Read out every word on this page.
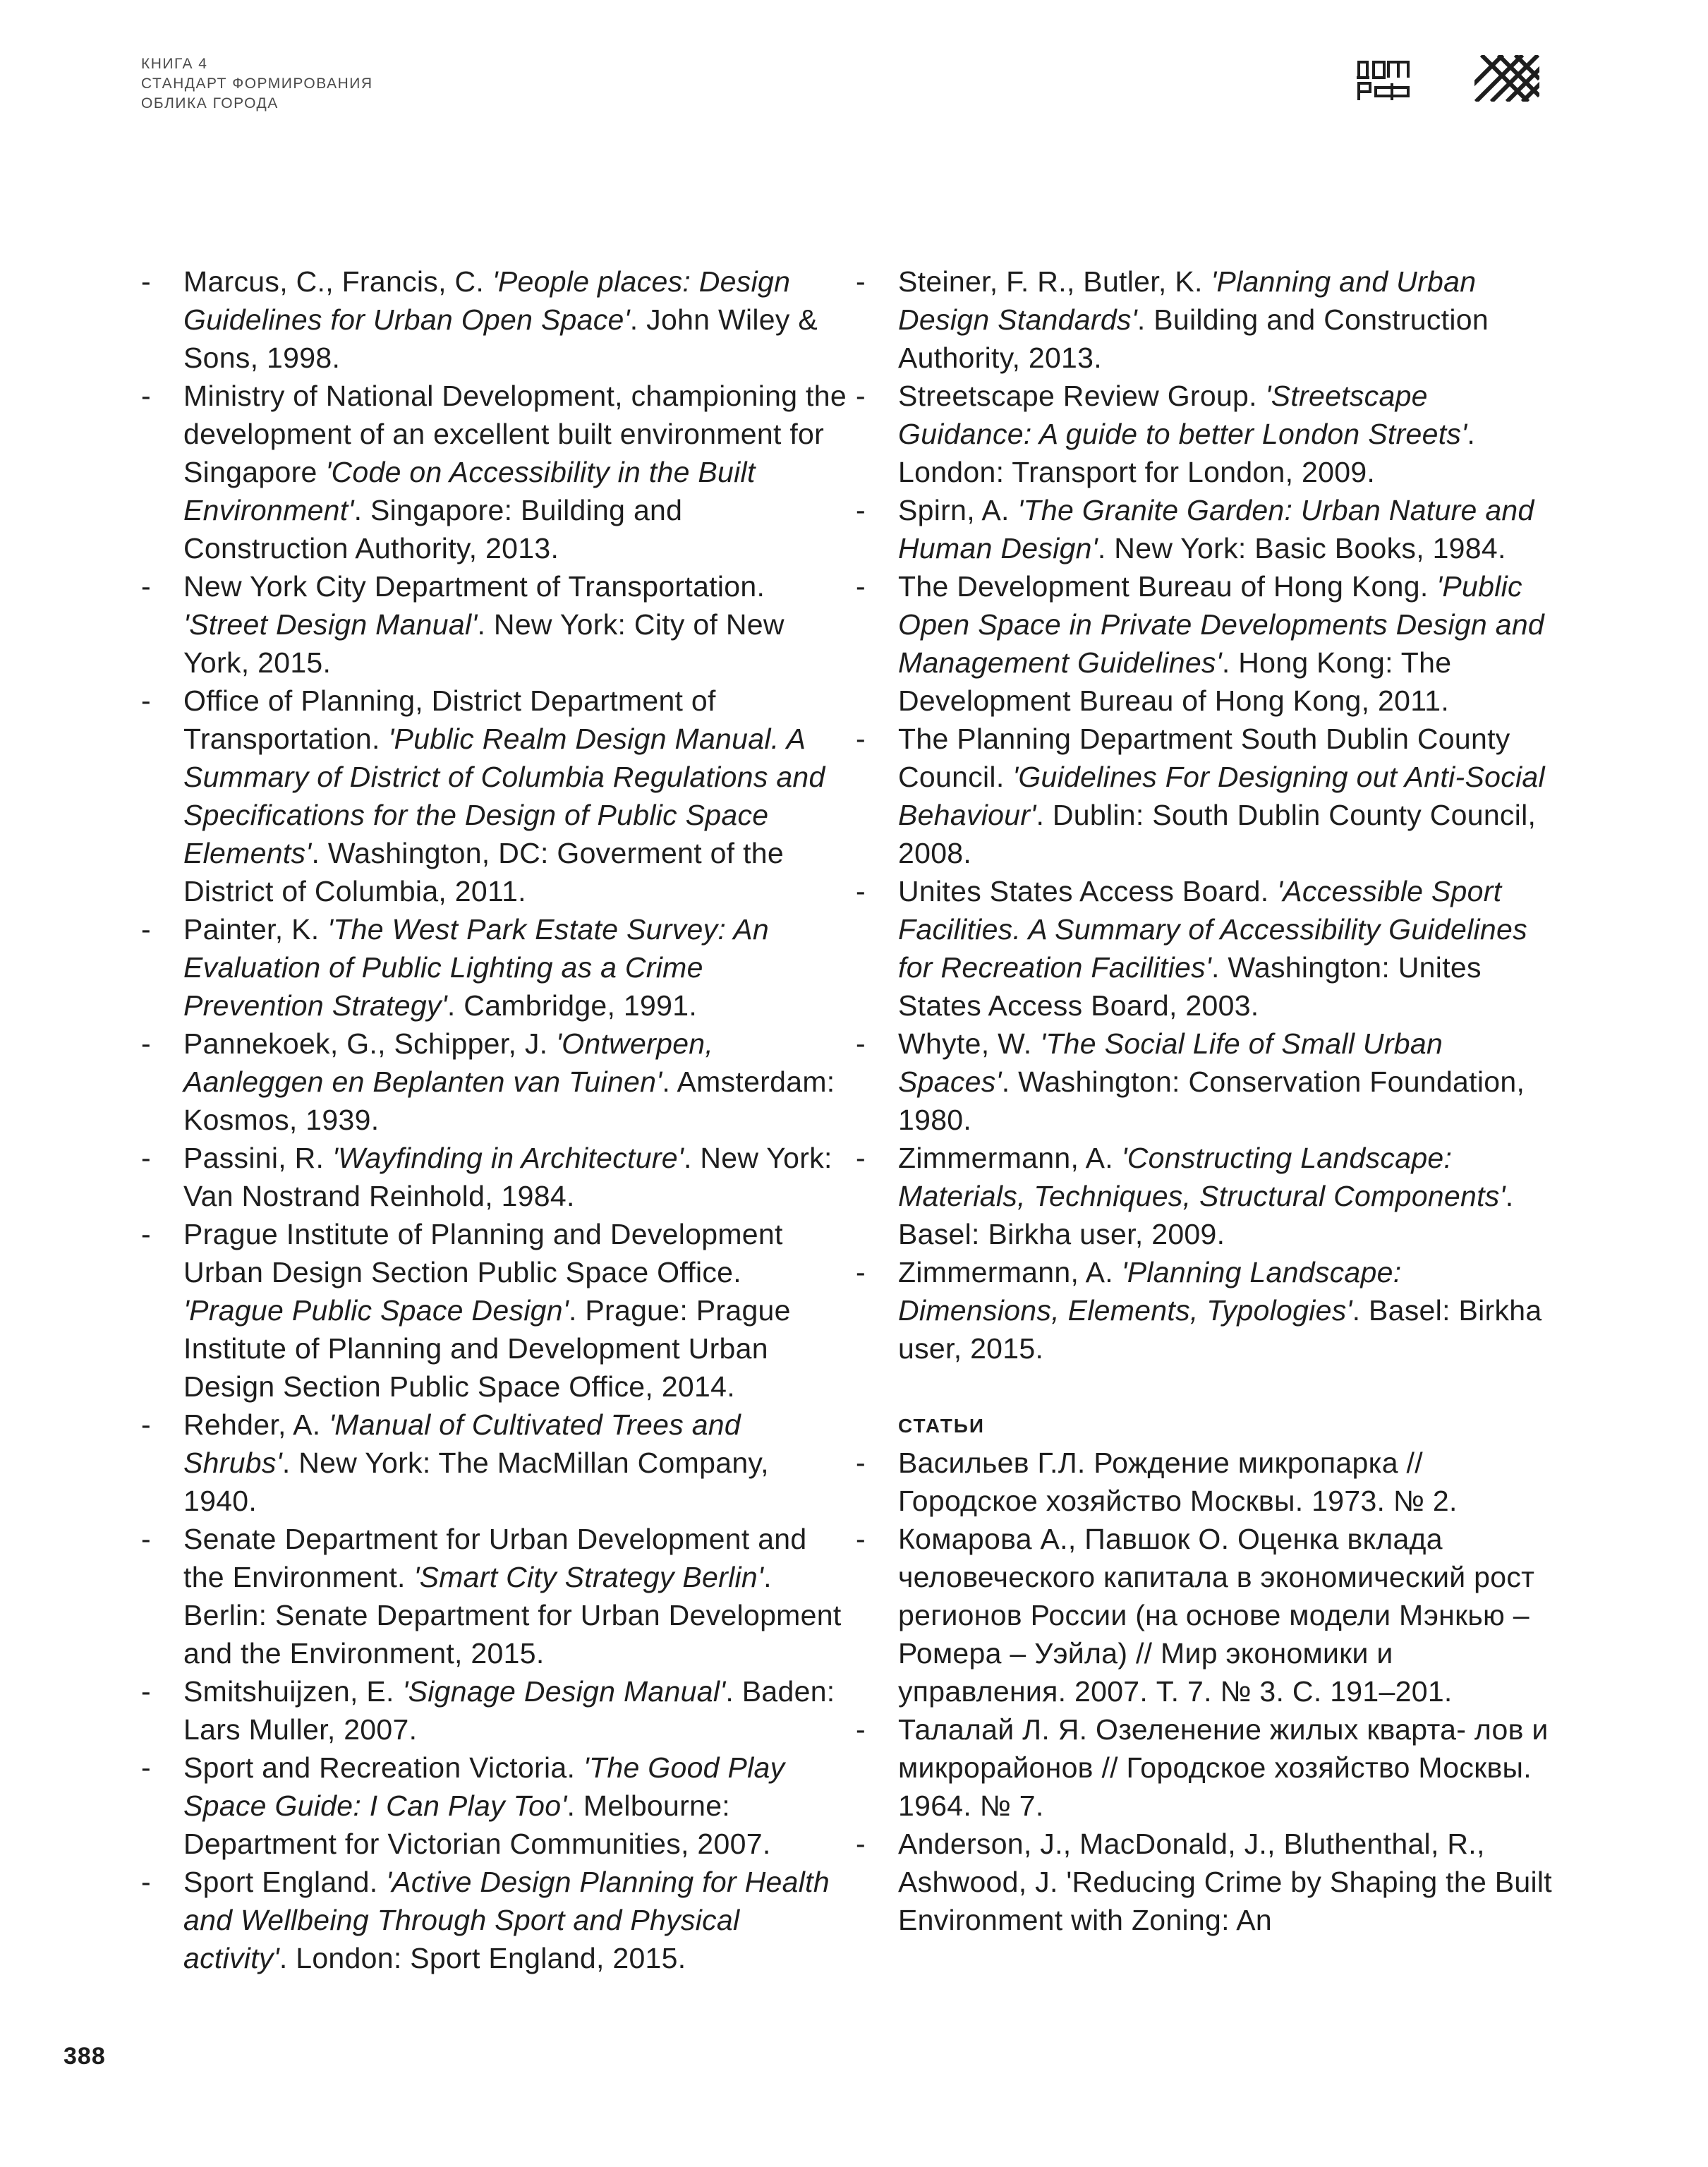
КНИГА 4
СТАНДАРТ ФОРМИРОВАНИЯ
ОБЛИКА ГОРОДА
- Marcus, C., Francis, C. 'People places: Design Guidelines for Urban Open Space'. John Wiley & Sons, 1998.
- Ministry of National Development, championing the development of an excellent built environment for Singapore 'Code on Accessibility in the Built Environment'. Singapore: Building and Construction Authority, 2013.
- New York City Department of Transportation. 'Street Design Manual'. New York: City of New York, 2015.
- Office of Planning, District Department of Transportation. 'Public Realm Design Manual. A Summary of District of Columbia Regulations and Specifications for the Design of Public Space Elements'. Washington, DC: Goverment of the District of Columbia, 2011.
- Painter, K. 'The West Park Estate Survey: An Evaluation of Public Lighting as a Crime Prevention Strategy'. Cambridge, 1991.
- Pannekoek, G., Schipper, J. 'Ontwerpen, Aanleggen en Beplanten van Tuinen'. Amsterdam: Kosmos, 1939.
- Passini, R. 'Wayfinding in Architecture'. New York: Van Nostrand Reinhold, 1984.
- Prague Institute of Planning and Development Urban Design Section Public Space Office. 'Prague Public Space Design'. Prague: Prague Institute of Planning and Development Urban Design Section Public Space Office, 2014.
- Rehder, A. 'Manual of Cultivated Trees and Shrubs'. New York: The MacMillan Company, 1940.
- Senate Department for Urban Development and the Environment. 'Smart City Strategy Berlin'. Berlin: Senate Department for Urban Development and the Environment, 2015.
- Smitshuijzen, E. 'Signage Design Manual'. Baden: Lars Muller, 2007.
- Sport and Recreation Victoria. 'The Good Play Space Guide: I Can Play Too'. Melbourne: Department for Victorian Communities, 2007.
- Sport England. 'Active Design Planning for Health and Wellbeing Through Sport and Physical activity'. London: Sport England, 2015.
- Steiner, F. R., Butler, K. 'Planning and Urban Design Standards'. Building and Construction Authority, 2013.
- Streetscape Review Group. 'Streetscape Guidance: A guide to better London Streets'. London: Transport for London, 2009.
- Spirn, A. 'The Granite Garden: Urban Nature and Human Design'. New York: Basic Books, 1984.
- The Development Bureau of Hong Kong. 'Public Open Space in Private Developments Design and Management Guidelines'. Hong Kong: The Development Bureau of Hong Kong, 2011.
- The Planning Department South Dublin County Council. 'Guidelines For Designing out Anti-Social Behaviour'. Dublin: South Dublin County Council, 2008.
- Unites States Access Board. 'Accessible Sport Facilities. A Summary of Accessibility Guidelines for Recreation Facilities'. Washington: Unites States Access Board, 2003.
- Whyte, W. 'The Social Life of Small Urban Spaces'. Washington: Conservation Foundation, 1980.
- Zimmermann, A. 'Constructing Landscape: Materials, Techniques, Structural Components'. Basel: Birkha user, 2009.
- Zimmermann, A. 'Planning Landscape: Dimensions, Elements, Typologies'. Basel: Birkha user, 2015.
СТАТЬИ
- Васильев Г.Л. Рождение микропарка // Городское хозяйство Москвы. 1973. № 2.
- Комарова А., Павшок О. Оценка вклада человеческого капитала в экономический рост регионов России (на основе модели Мэнкью – Ромера – Уэйла) // Мир экономики и управления. 2007. Т. 7. № 3. С. 191–201.
- Талалай Л. Я. Озеленение жилых кварта- лов и микрорайонов // Городское хозяйство Москвы. 1964. № 7.
- Anderson, J., MacDonald, J., Bluthenthal, R., Ashwood, J. 'Reducing Crime by Shaping the Built Environment with Zoning: An
388
